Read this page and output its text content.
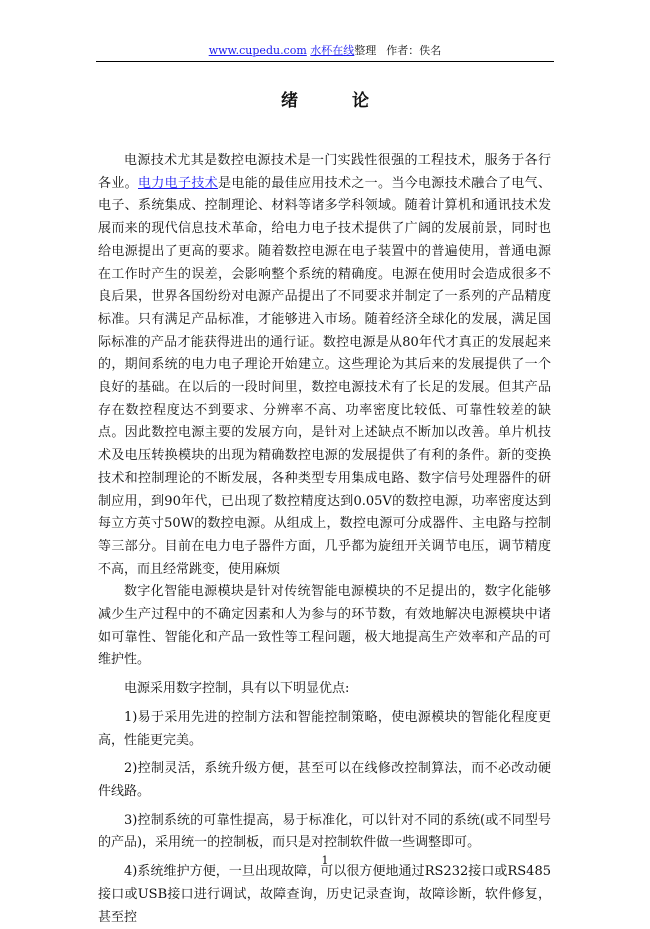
www.cupedu.com 水杯在线整理 作者：佚名
绪 论

电源技术尤其是数控电源技术是一门实践性很强的工程技术，服务于各行各业。电力电子技术是电能的最佳应用技术之一。当今电源技术融合了电气、电子、系统集成、控制理论、材料等诸多学科领域。随着计算机和通讯技术发展而来的现代信息技术革命，给电力电子技术提供了广阔的发展前景，同时也给电源提出了更高的要求。随着数控电源在电子装置中的普遍使用，普通电源在工作时产生的误差，会影响整个系统的精确度。电源在使用时会造成很多不良后果，世界各国纷纷对电源产品提出了不同要求并制定了一系列的产品精度标准。只有满足产品标准，才能够进入市场。随着经济全球化的发展，满足国际标准的产品才能获得进出的通行证。数控电源是从80年代才真正的发展起来的，期间系统的电力电子理论开始建立。这些理论为其后来的发展提供了一个良好的基础。在以后的一段时间里，数控电源技术有了长足的发展。但其产品存在数控程度达不到要求、分辨率不高、功率密度比较低、可靠性较差的缺点。因此数控电源主要的发展方向，是针对上述缺点不断加以改善。单片机技术及电压转换模块的出现为精确数控电源的发展提供了有利的条件。新的变换技术和控制理论的不断发展，各种类型专用集成电路、数字信号处理器件的研制应用，到90年代，已出现了数控精度达到0.05V的数控电源，功率密度达到每立方英寸50W的数控电源。从组成上，数控电源可分成器件、主电路与控制等三部分。目前在电力电子器件方面，几乎都为旋纽开关调节电压，调节精度不高，而且经常跳变，使用麻烦

数字化智能电源模块是针对传统智能电源模块的不足提出的，数字化能够减少生产过程中的不确定因素和人为参与的环节数，有效地解决电源模块中诸如可靠性、智能化和产品一致性等工程问题，极大地提高生产效率和产品的可维护性。

电源采用数字控制，具有以下明显优点:

1)易于采用先进的控制方法和智能控制策略，使电源模块的智能化程度更高，性能更完美。

2)控制灵活，系统升级方便，甚至可以在线修改控制算法，而不必改动硬件线路。

3)控制系统的可靠性提高，易于标准化，可以针对不同的系统(或不同型号的产品)，采用统一的控制板，而只是对控制软件做一些调整即可。

4)系统维护方便，一旦出现故障，可以很方便地通过RS232接口或RS485接口或USB接口进行调试，故障查询，历史记录查询，故障诊断，软件修复，甚至控

1
